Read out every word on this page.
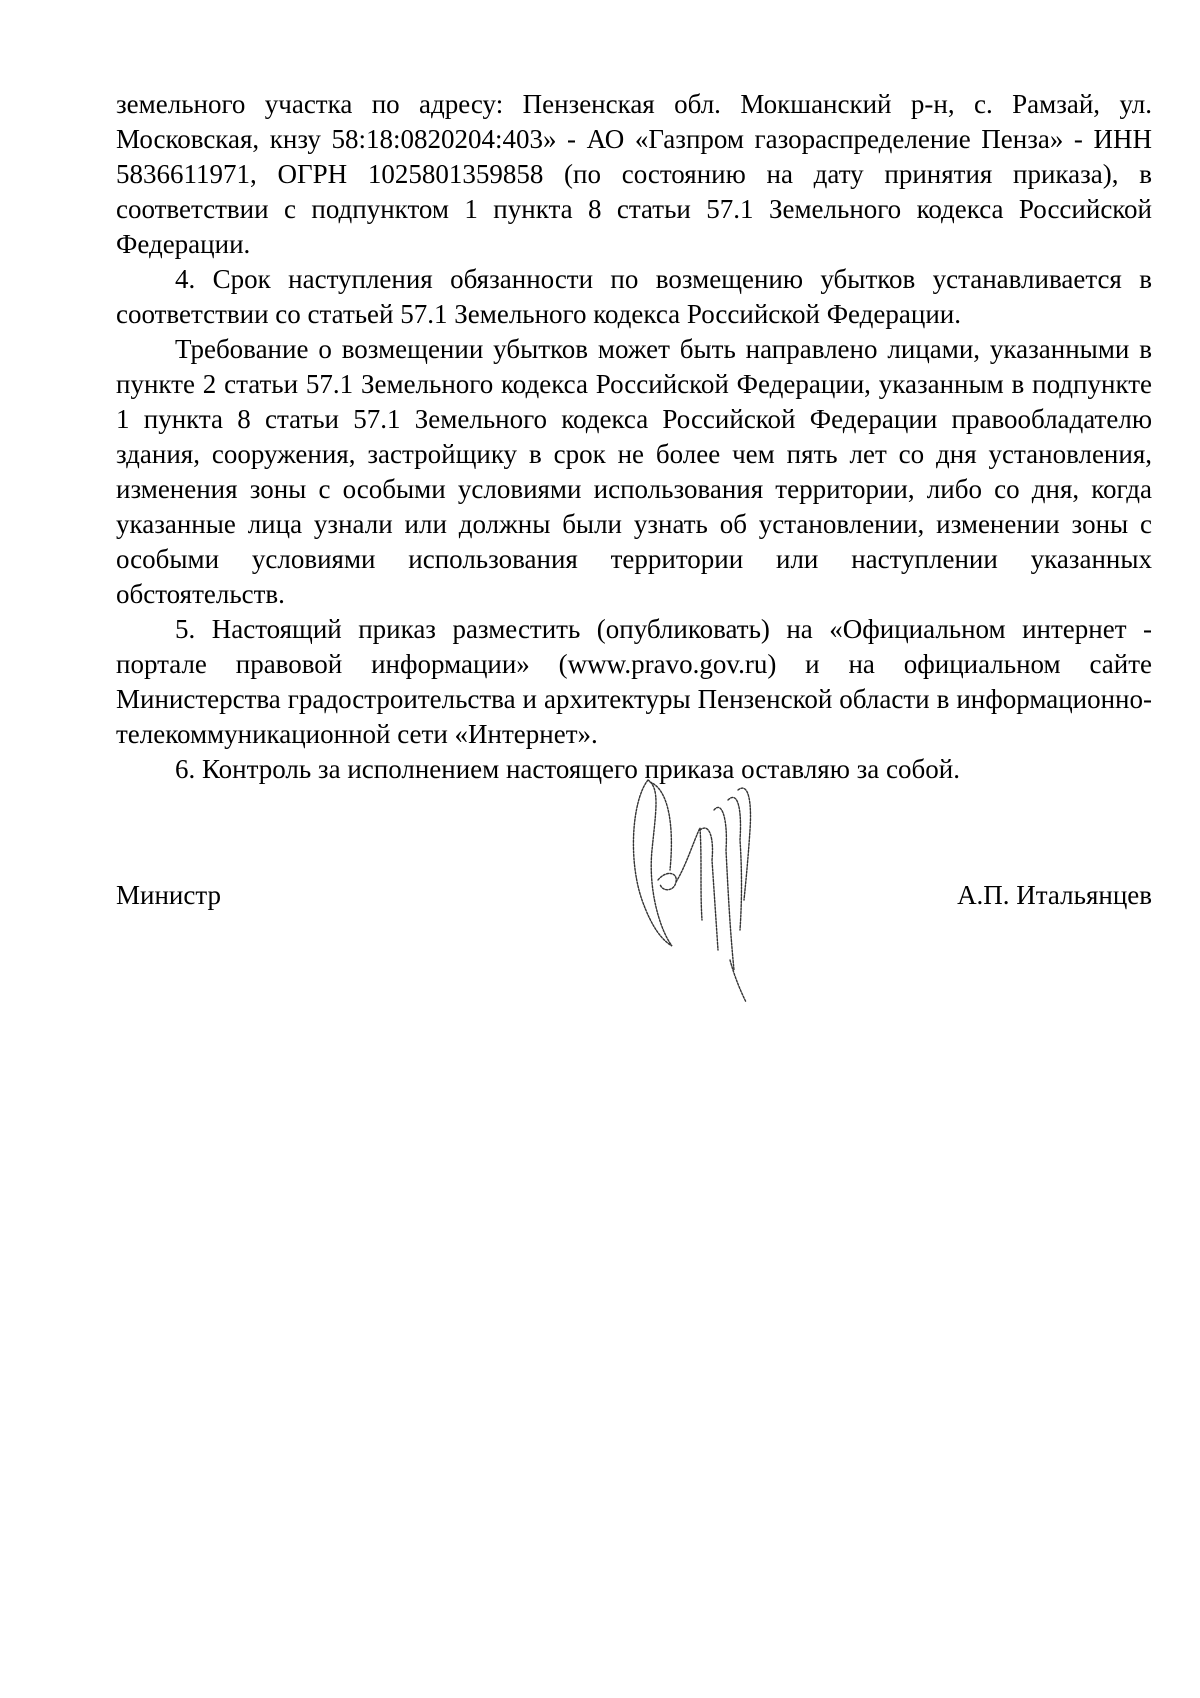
земельного участка по адресу: Пензенская обл. Мокшанский р-н, с. Рамзай, ул. Московская, кнзу 58:18:0820204:403» - АО «Газпром газораспределение Пенза» - ИНН 5836611971, ОГРН 1025801359858 (по состоянию на дату принятия приказа), в соответствии с подпунктом 1 пункта 8 статьи 57.1 Земельного кодекса Российской Федерации.

4. Срок наступления обязанности по возмещению убытков устанавливается в соответствии со статьей 57.1 Земельного кодекса Российской Федерации.

Требование о возмещении убытков может быть направлено лицами, указанными в пункте 2 статьи 57.1 Земельного кодекса Российской Федерации, указанным в подпункте 1 пункта 8 статьи 57.1 Земельного кодекса Российской Федерации правообладателю здания, сооружения, застройщику в срок не более чем пять лет со дня установления, изменения зоны с особыми условиями использования территории, либо со дня, когда указанные лица узнали или должны были узнать об установлении, изменении зоны с особыми условиями использования территории или наступлении указанных обстоятельств.

5. Настоящий приказ разместить (опубликовать) на «Официальном интернет - портале правовой информации» (www.pravo.gov.ru) и на официальном сайте Министерства градостроительства и архитектуры Пензенской области в информационно-телекоммуникационной сети «Интернет».

6. Контроль за исполнением настоящего приказа оставляю за собой.

Министр	А.П. Итальянцев
